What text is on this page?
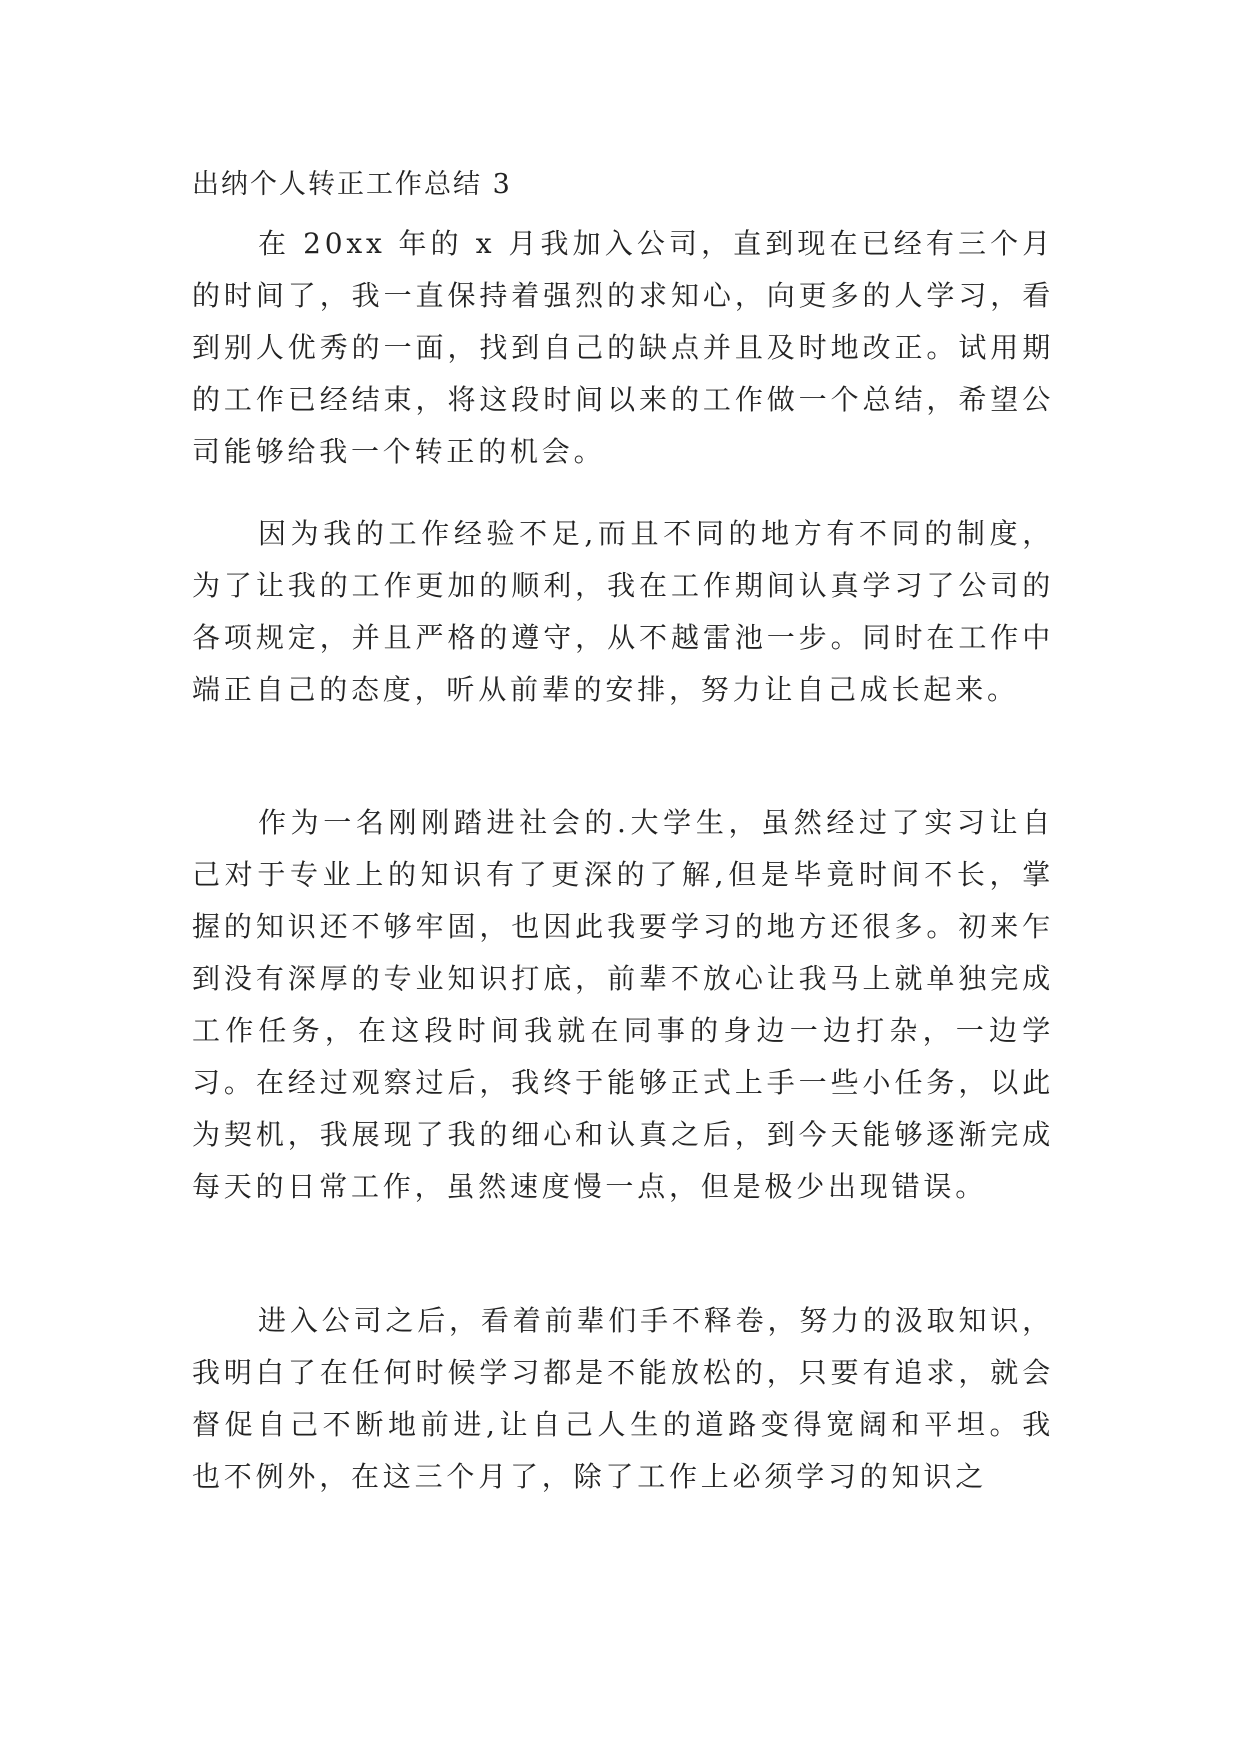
出纳个人转正工作总结 3

在 20xx 年的 x 月我加入公司，直到现在已经有三个月的时间了，我一直保持着强烈的求知心，向更多的人学习，看到别人优秀的一面，找到自己的缺点并且及时地改正。试用期的工作已经结束，将这段时间以来的工作做一个总结，希望公司能够给我一个转正的机会。

因为我的工作经验不足,而且不同的地方有不同的制度，为了让我的工作更加的顺利，我在工作期间认真学习了公司的各项规定，并且严格的遵守，从不越雷池一步。同时在工作中端正自己的态度，听从前辈的安排，努力让自己成长起来。

作为一名刚刚踏进社会的.大学生，虽然经过了实习让自己对于专业上的知识有了更深的了解,但是毕竟时间不长，掌握的知识还不够牢固，也因此我要学习的地方还很多。初来乍到没有深厚的专业知识打底，前辈不放心让我马上就单独完成工作任务，在这段时间我就在同事的身边一边打杂，一边学习。在经过观察过后，我终于能够正式上手一些小任务，以此为契机，我展现了我的细心和认真之后，到今天能够逐渐完成每天的日常工作，虽然速度慢一点，但是极少出现错误。

进入公司之后，看着前辈们手不释卷，努力的汲取知识，我明白了在任何时候学习都是不能放松的，只要有追求，就会督促自己不断地前进,让自己人生的道路变得宽阔和平坦。我也不例外，在这三个月了，除了工作上必须学习的知识之
